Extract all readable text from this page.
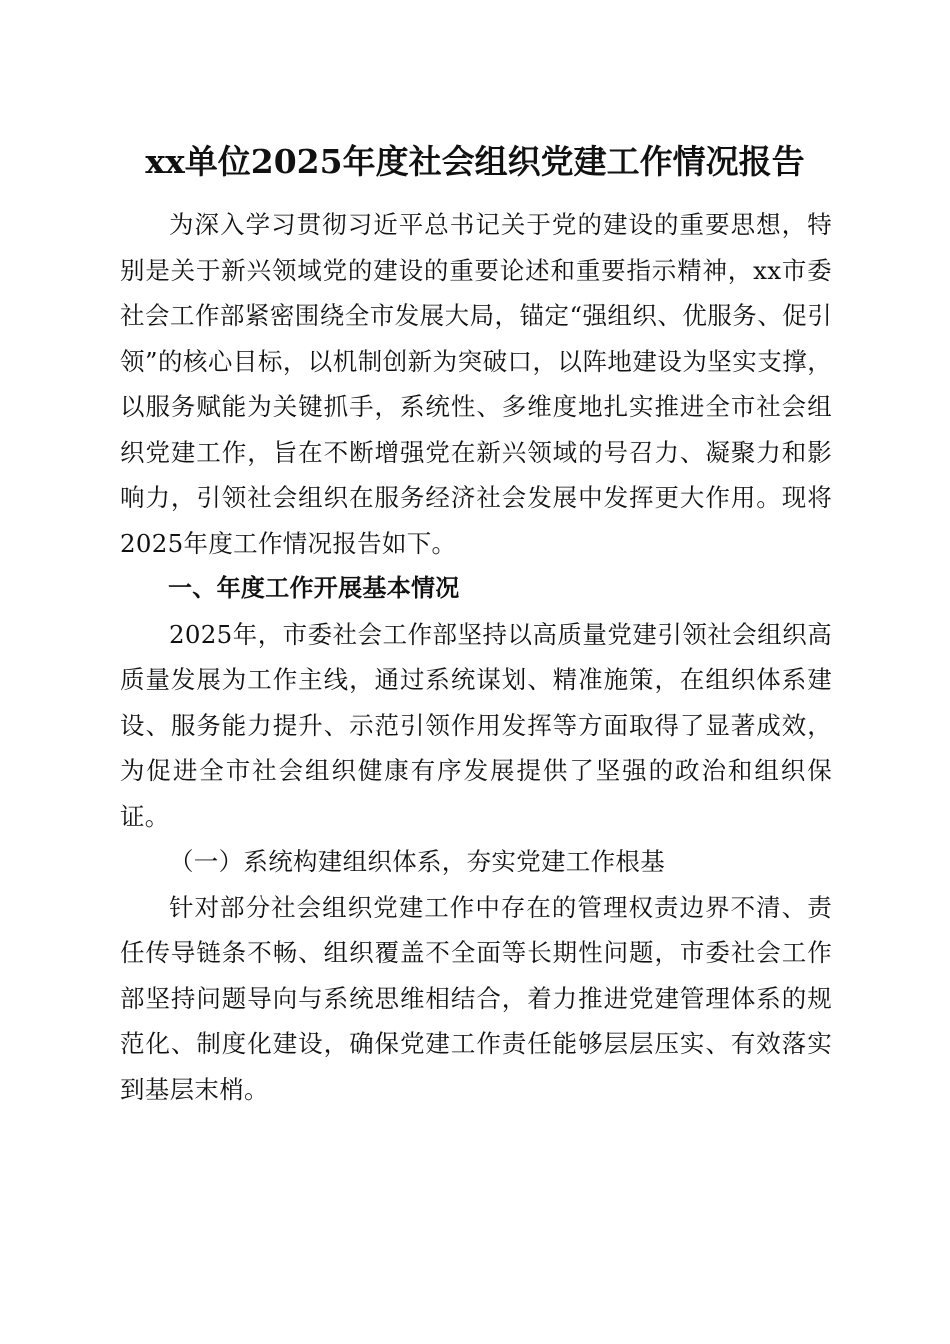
xx单位2025年度社会组织党建工作情况报告

为深入学习贯彻习近平总书记关于党的建设的重要思想，特别是关于新兴领域党的建设的重要论述和重要指示精神，xx市委社会工作部紧密围绕全市发展大局，锚定“强组织、优服务、促引领”的核心目标，以机制创新为突破口，以阵地建设为坚实支撑，以服务赋能为关键抓手，系统性、多维度地扎实推进全市社会组织党建工作，旨在不断增强党在新兴领域的号召力、凝聚力和影响力，引领社会组织在服务经济社会发展中发挥更大作用。现将2025年度工作情况报告如下。

一、年度工作开展基本情况

2025年，市委社会工作部坚持以高质量党建引领社会组织高质量发展为工作主线，通过系统谋划、精准施策，在组织体系建设、服务能力提升、示范引领作用发挥等方面取得了显著成效，为促进全市社会组织健康有序发展提供了坚强的政治和组织保证。

（一）系统构建组织体系，夯实党建工作根基

针对部分社会组织党建工作中存在的管理权责边界不清、责任传导链条不畅、组织覆盖不全面等长期性问题，市委社会工作部坚持问题导向与系统思维相结合，着力推进党建管理体系的规范化、制度化建设，确保党建工作责任能够层层压实、有效落实到基层末梢。
